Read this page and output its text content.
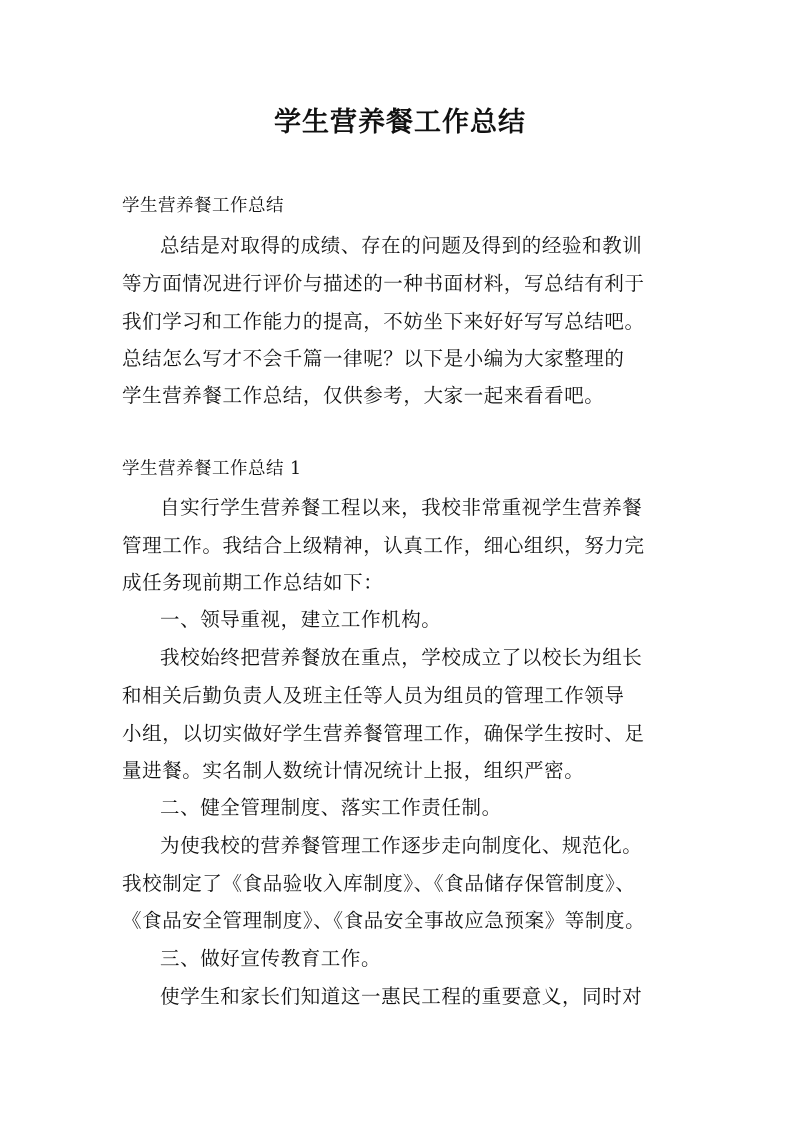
学生营养餐工作总结
学生营养餐工作总结
总结是对取得的成绩、存在的问题及得到的经验和教训
等方面情况进行评价与描述的一种书面材料，写总结有利于
我们学习和工作能力的提高，不妨坐下来好好写写总结吧。
总结怎么写才不会千篇一律呢？以下是小编为大家整理的
学生营养餐工作总结，仅供参考，大家一起来看看吧。
学生营养餐工作总结 1
自实行学生营养餐工程以来，我校非常重视学生营养餐
管理工作。我结合上级精神，认真工作，细心组织，努力完
成任务现前期工作总结如下：
一、领导重视，建立工作机构。
我校始终把营养餐放在重点，学校成立了以校长为组长
和相关后勤负责人及班主任等人员为组员的管理工作领导
小组，以切实做好学生营养餐管理工作，确保学生按时、足
量进餐。实名制人数统计情况统计上报，组织严密。
二、健全管理制度、落实工作责任制。
为使我校的营养餐管理工作逐步走向制度化、规范化。
我校制定了《食品验收入库制度》、《食品储存保管制度》、
《食品安全管理制度》、《食品安全事故应急预案》等制度。
三、做好宣传教育工作。
使学生和家长们知道这一惠民工程的重要意义，同时对
